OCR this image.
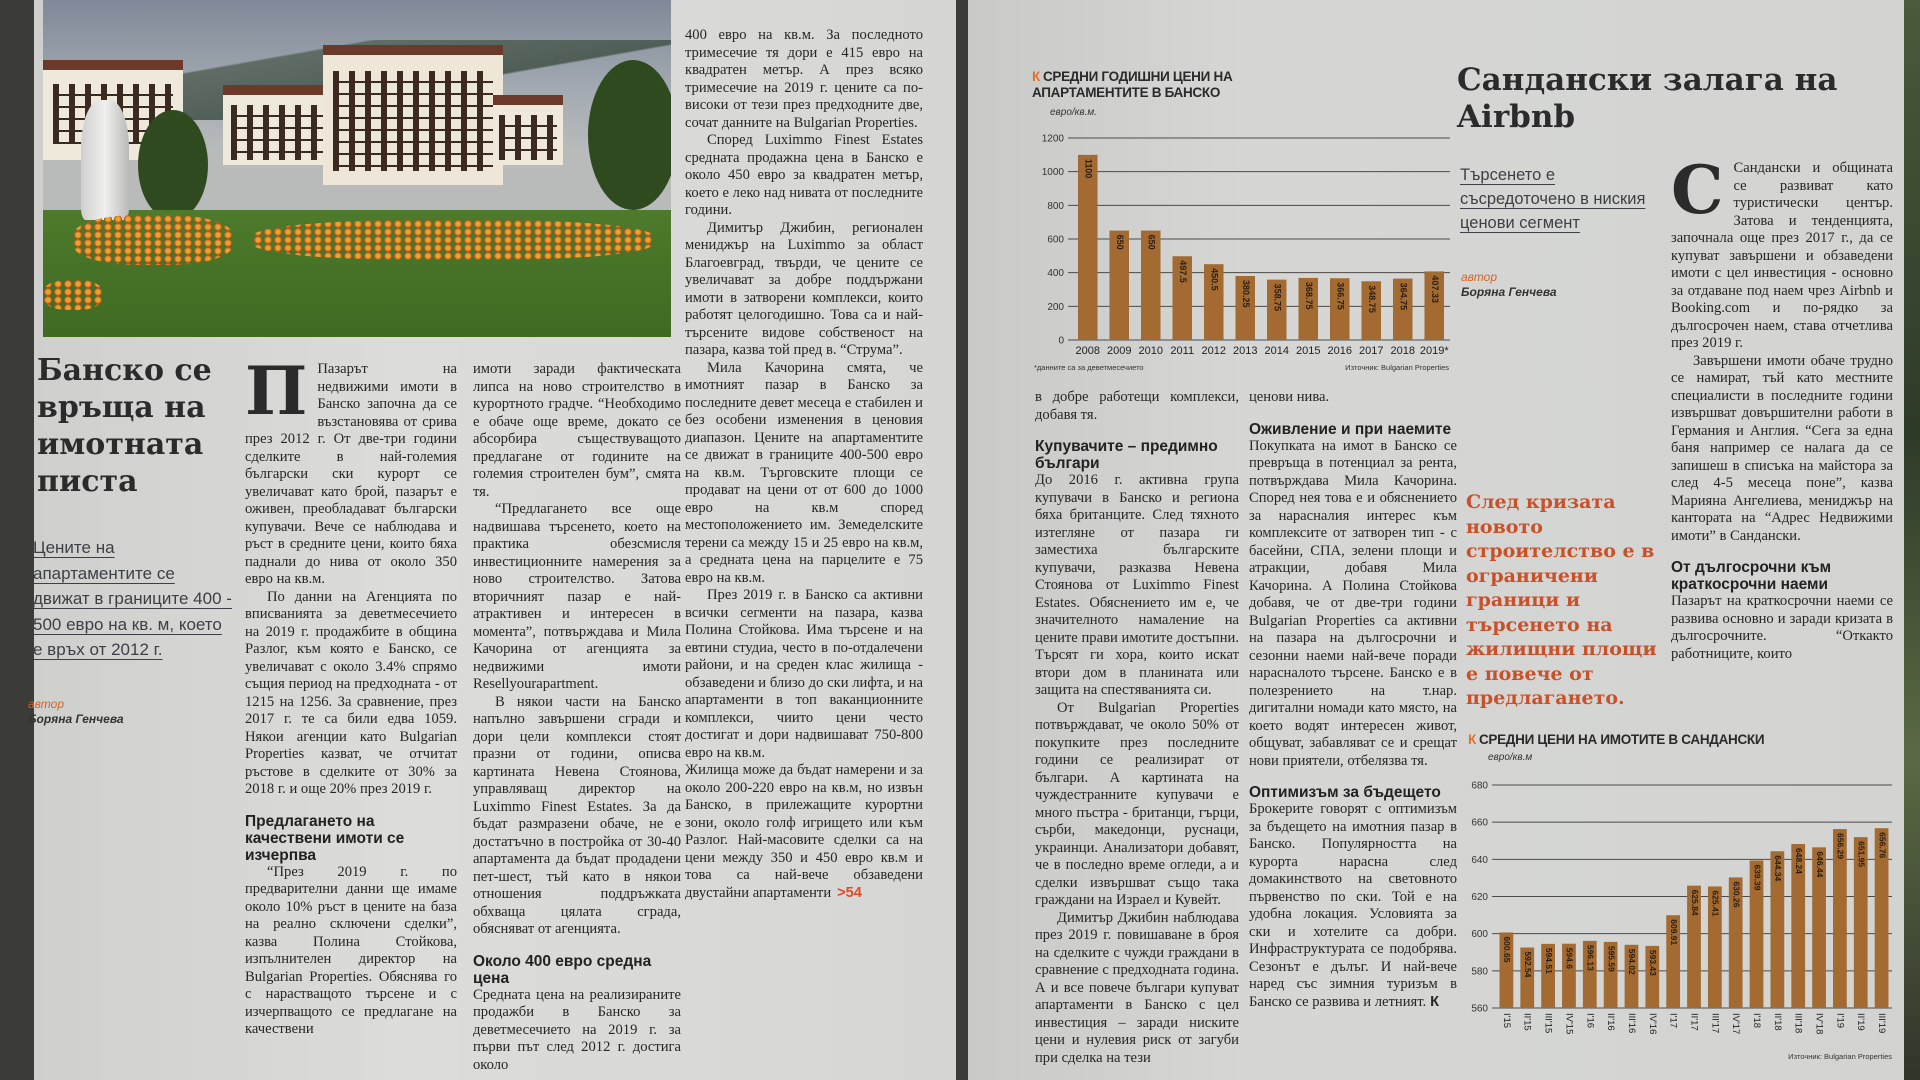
Банско се връща на имотната писта
Цените на апартаментите се движат в границите 400 - 500 евро на кв. м, което е връх от 2012 г.
автор
Боряна Генчева
П Пазарът на недвижими имоти в Банско започна да се възстановява от срива през 2012 г. От две-три години сделките в най-големия български ски курорт се увеличават като брой, пазарът е оживен, преобладават български купувачи. Вече се наблюдава и ръст в средните цени, които бяха паднали до нива от около 350 евро на кв.м.

По данни на Агенцията по вписванията за деветмесечието на 2019 г. продажбите в община Разлог, към която е Банско, се увеличават с около 3.4% спрямо същия период на предходната - от 1215 на 1256. За сравнение, през 2017 г. те са били едва 1059. Някои агенции като Bulgarian Properties казват, че отчитат ръстове в сделките от 30% за 2018 г. и още 20% през 2019 г.

Предлагането на качествени имоти се изчерпва

“През 2019 г. по предварителни данни ще имаме около 10% ръст в цените на база на реално сключени сделки”, казва Полина Стойкова, изпълнителен директор на Bulgarian Properties. Обяснява го с нарастващото търсене и с изчерпващото се предлагане на качествени

имоти заради фактическата липса на ново строителство в курортното градче. “Необходимо е обаче още време, докато се абсорбира съществуващото предлагане от годините на големия строителен бум”, смята тя.

“Предлагането все още надвишава търсенето, което на практика обезсмисля инвестиционните намерения за ново строителство. Затова вторичният пазар е най-атрактивен и интересен в момента”, потвърждава и Мила Качорина от агенцията за недвижими имоти Resellyourapartment.

В някои части на Банско напълно завършени сгради и дори цели комплекси стоят празни от години, описва картината Невена Стоянова, управляващ директор на Luximmo Finest Estates. За да бъдат размразени обаче, не е достатъчно в постройка от 30-40 апартамента да бъдат продадени пет-шест, тъй като в някои отношения поддръжката обхваща цялата сграда, обясняват от агенцията.

Около 400 евро средна цена

Средната цена на реализираните продажби в Банско за деветмесечието на 2019 г. за първи път след 2012 г. достига около

400 евро на кв.м. За последното тримесечие тя дори е 415 евро на квадратен метър. А през всяко тримесечие на 2019 г. цените са по-високи от тези през предходните две, сочат данните на Bulgarian Properties.

Според Luximmo Finest Estates средната продажна цена в Банско е около 450 евро за квадратен метър, което е леко над нивата от последните години.

Димитър Джибин, регионален мениджър на Luximmo за област Благоевград, твърди, че цените се увеличават за добре поддържани имоти в затворени комплекси, които работят целогодишно. Това са и най-търсените видове собственост на пазара, казва той пред в. “Струма”.

Мила Качорина смята, че имотният пазар в Банско за последните девет месеца е стабилен и без особени изменения в ценовия диапазон. Цените на апартаментите се движат в границите 400-500 евро на кв.м. Търговските площи се продават на цени от от 600 до 1000 евро на кв.м според местоположението им. Земеделските терени са между 15 и 25 евро на кв.м, а средната цена на парцелите е 75 евро на кв.м.

През 2019 г. в Банско са активни всички сегменти на пазара, казва Полина Стойкова. Има търсене и на евтини студиа, често в по-отдалечени райони, и на среден клас жилища - обзаведени и близо до ски лифта, и на апартаменти в топ ваканционните комплекси, чиито цени често достигат и дори надвишават 750-800 евро на кв.м.

Жилища може да бъдат намерени и за около 200-220 евро на кв.м, но извън Банско, в прилежащите курортни зони, около голф игрището или към Разлог. Най-масовите сделки са на цени между 350 и 450 евро кв.м и това са най-вече обзаведени двустайни апартаменти >54
К СРЕДНИ ГОДИШНИ ЦЕНИ НА АПАРТАМЕНТИТЕ В БАНСКО
евро/кв.м.
0
200
400
600
800
1000
1200
1100
2008
650
2009
650
2010
497.5
2011
450.5
2012
380.25
2013
358.75
2014
368.75
2015
366.75
2016
348.75
2017
364.75
2018
407.33
2019*
*данните са за деветмесечието	Източник: Bulgarian Properties

в добре работещи комплекси, добавя тя.

Купувачите – предимно българи

До 2016 г. активна група купувачи в Банско и региона бяха британците. След тяхното изтегляне от пазара ги заместиха българските купувачи, разказва Невена Стоянова от Luximmo Finest Estates. Обяснението им е, че значителното намаление на цените прави имотите достъпни. Търсят ги хора, които искат втори дом в планината или защита на спестяванията си.

От Bulgarian Properties потвърждават, че около 50% от покупките през последните години се реализират от българи. А картината на чуждестранните купувачи е много пъстра - британци, гърци, сърби, македонци, руснаци, украинци. Анализатори добавят, че в последно време огледи, а и сделки извършват също така граждани на Израел и Кувейт.

Димитър Джибин наблюдава през 2019 г. повишаване в броя на сделките с чужди граждани в сравнение с предходната година. А и все повече българи купуват апартаменти в Банско с цел инвестиция – заради ниските цени и нулевия риск от загуби при сделка на тези

ценови нива.

Оживление и при наемите

Покупката на имот в Банско се превръща в потенциал за рента, потвърждава Мила Качорина. Според нея това е и обяснението за нарасналия интерес към комплексите от затворен тип - с басейни, СПА, зелени площи и атракции, добавя Мила Качорина. А Полина Стойкова добавя, че от две-три години Bulgarian Properties са активни на пазара на дългосрочни и сезонни наеми най-вече поради нарасналото търсене. Банско е в полезрението на т.нар. дигитални номади като място, на което водят интересен живот, общуват, забавляват се и срещат нови приятели, отбелязва тя.

Оптимизъм за бъдещето

Брокерите говорят с оптимизъм за бъдещето на имотния пазар в Банско. Популярността на курорта нарасна след домакинството на световното първенство по ски. Той е на удобна локация. Условията за ски и хотелите са добри. Инфраструктурата се подобрява. Сезонът е дълъг. И най-вече наред със зимния туризъм в Банско се развива и летният. К
Сандански залага на Airbnb
Търсенето е съсредоточено в ниския ценови сегмент
автор
Боряна Генчева
След кризата новото строителство е в ограничени граници и търсенето на жилищни площи е повече от предлагането.
С Сандански и общината се развиват като туристически център. Затова и тенденцията, започнала още през 2017 г., да се купуват завършени и обзаведени имоти с цел инвестиция - основно за отдаване под наем чрез Airbnb и Booking.com и по-рядко за дългосрочен наем, става отчетлива през 2019 г.

Завършени имоти обаче трудно се намират, тъй като местните специалисти в последните години извършват довършителни работи в Германия и Англия. “Сега за една баня например се налага да се запишеш в списъка на майстора за след 4-5 месеца поне”, казва Марияна Ангелиева, мениджър на кантората на “Адрес Недвижими имоти” в Сандански.

От дългосрочни към краткосрочни наеми

Пазарът на краткосрочни наеми се развива основно и заради кризата в дългосрочните. “Откакто работниците, които

К СРЕДНИ ЦЕНИ НА ИМОТИТЕ В САНДАНСКИ
евро/кв.м
560
580
600
620
640
660
680
600.65
I'15
592.54
II'15
594.51
III'15
594.6
IV'15
596.13
I'16
595.59
II'16
594.02
III'16
593.43
IV'16
609.91
I'17
625.84
II'17
625.41
III'17
630.26
IV'17
639.39
I'18
644.34
II'18
648.24
III'18
646.44
IV'18
656.29
I'19
651.95
II'19
656.76
III'19
Източник: Bulgarian Properties
